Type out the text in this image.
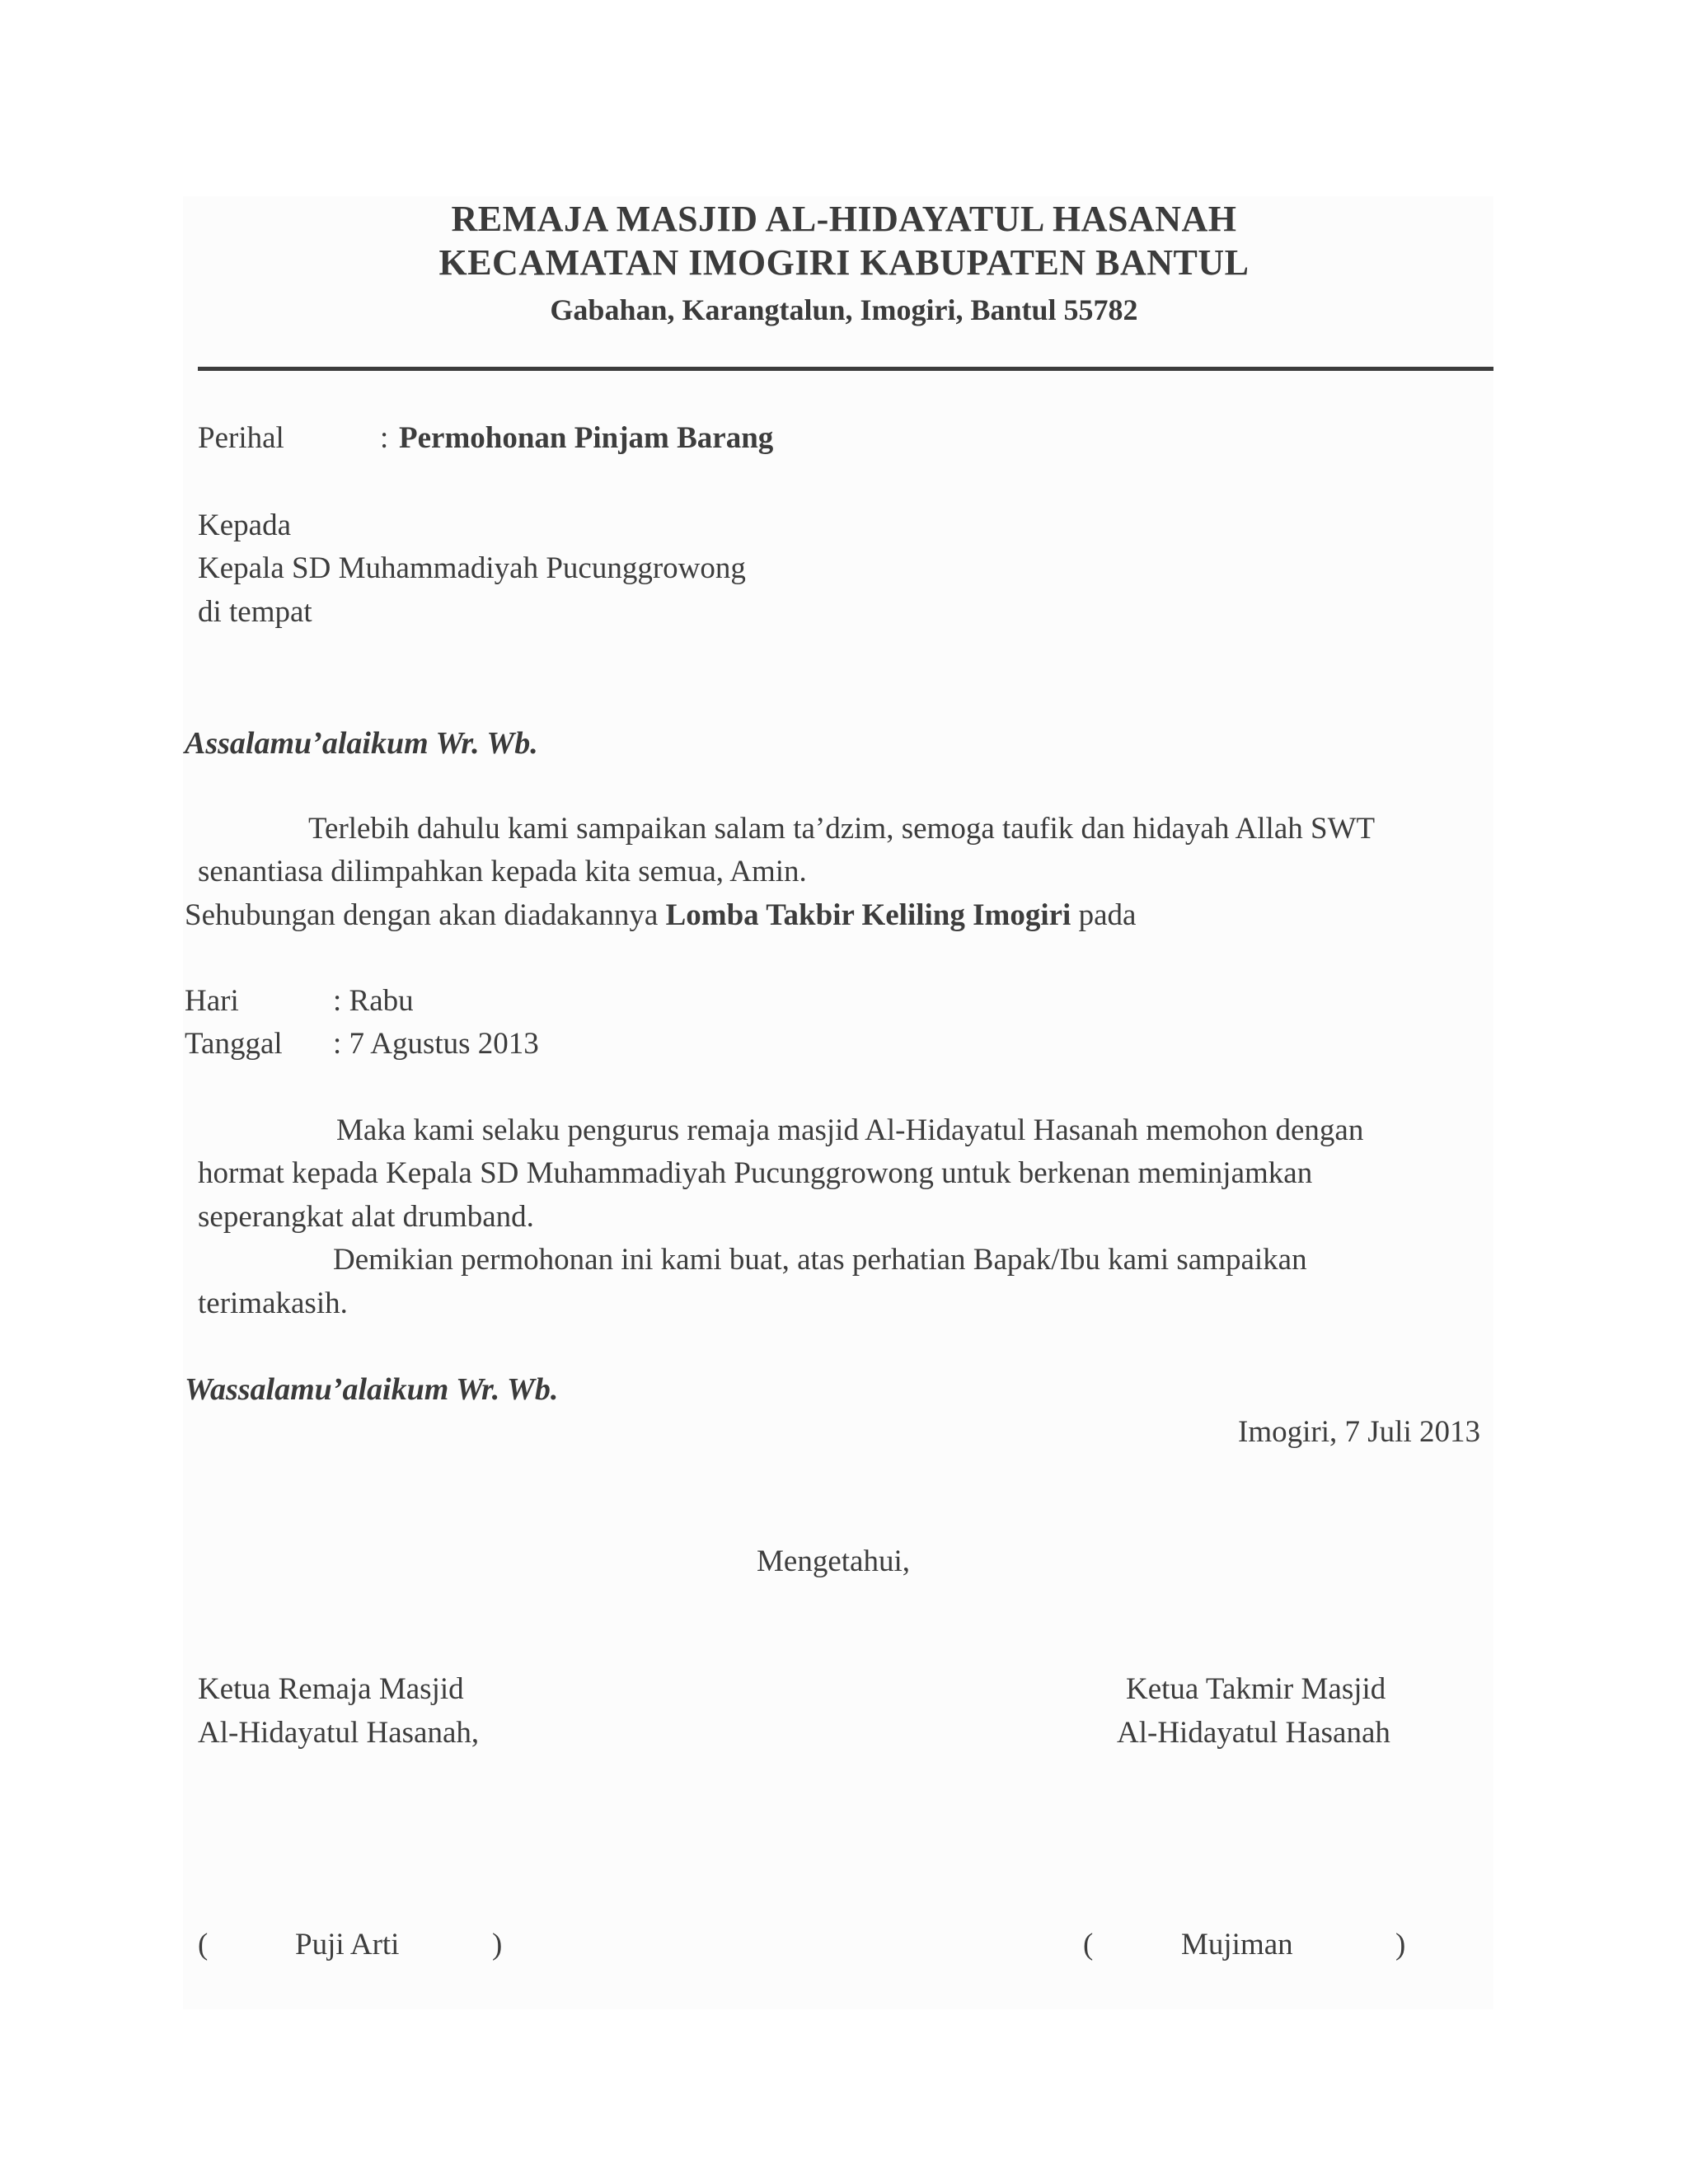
REMAJA MASJID AL-HIDAYATUL HASANAH
KECAMATAN IMOGIRI KABUPATEN BANTUL
Gabahan, Karangtalun, Imogiri, Bantul 55782
Perihal	: Permohonan Pinjam Barang
Kepada
Kepala SD Muhammadiyah Pucunggrowong
di tempat
Assalamu’alaikum Wr. Wb.
Terlebih dahulu kami sampaikan salam ta’dzim, semoga taufik dan hidayah Allah SWT
senantiasa dilimpahkan kepada kita semua, Amin.
Sehubungan dengan akan diadakannya Lomba Takbir Keliling Imogiri pada
Hari	: Rabu
Tanggal : 7 Agustus 2013
Maka kami selaku pengurus remaja masjid Al-Hidayatul Hasanah memohon dengan
hormat kepada Kepala SD Muhammadiyah Pucunggrowong untuk berkenan meminjamkan
seperangkat alat drumband.
Demikian permohonan ini kami buat, atas perhatian Bapak/Ibu kami sampaikan
terimakasih.
Wassalamu’alaikum Wr. Wb.
Imogiri, 7 Juli 2013
Mengetahui,
Ketua Remaja Masjid
Al-Hidayatul Hasanah,
(	Puji Arti	)
Ketua Takmir Masjid
Al-Hidayatul Hasanah
(	Mujiman	)
